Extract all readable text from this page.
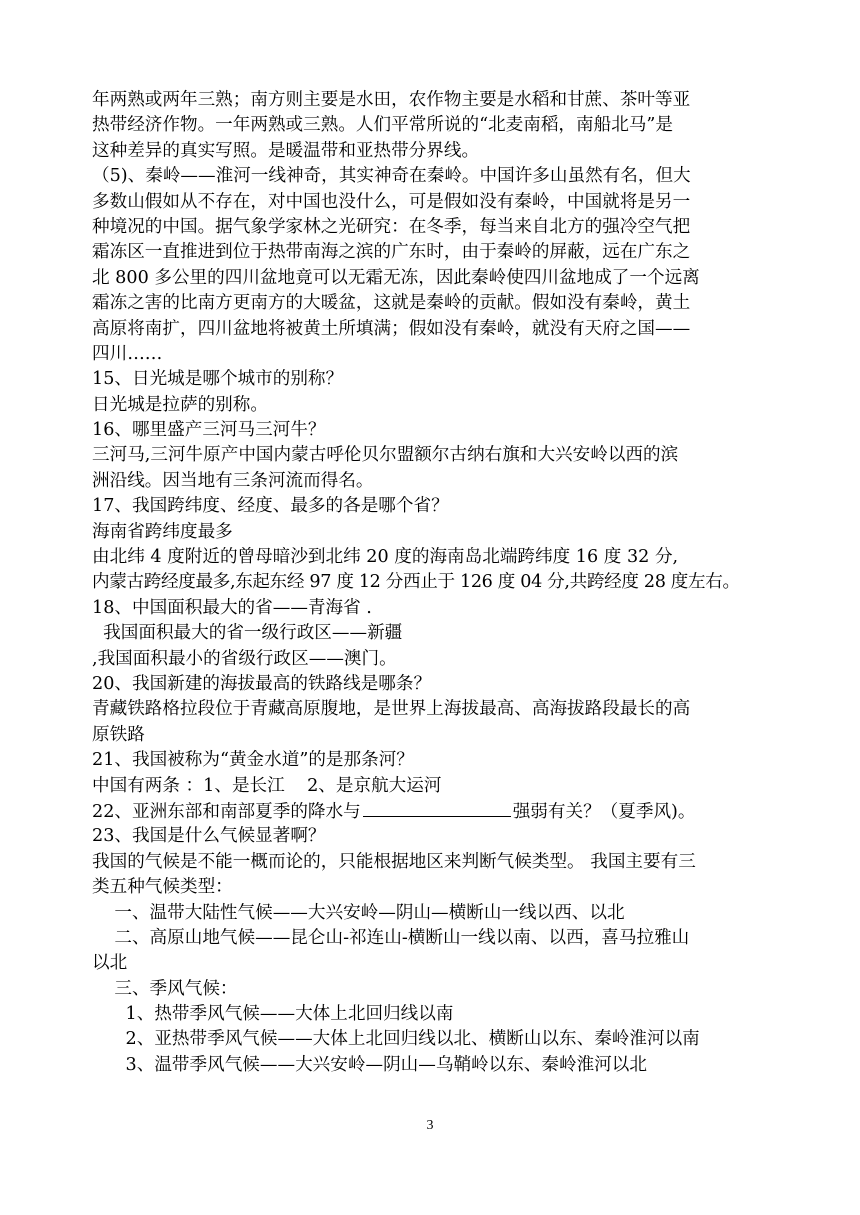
年两熟或两年三熟；南方则主要是水田，农作物主要是水稻和甘蔗、茶叶等亚
热带经济作物。一年两熟或三熟。人们平常所说的“北麦南稻，南船北马”是
这种差异的真实写照。是暖温带和亚热带分界线。
（5)、秦岭——淮河一线神奇，其实神奇在秦岭。中国许多山虽然有名，但大
多数山假如从不存在，对中国也没什么，可是假如没有秦岭，中国就将是另一
种境况的中国。据气象学家林之光研究：在冬季，每当来自北方的强冷空气把
霜冻区一直推进到位于热带南海之滨的广东时，由于秦岭的屏蔽，远在广东之
北 800 多公里的四川盆地竟可以无霜无冻，因此秦岭使四川盆地成了一个远离
霜冻之害的比南方更南方的大暖盆，这就是秦岭的贡献。假如没有秦岭，黄土
高原将南扩，四川盆地将被黄土所填满；假如没有秦岭，就没有天府之国——
四川……
15、日光城是哪个城市的别称？
日光城是拉萨的别称。
16、哪里盛产三河马三河牛？
三河马,三河牛原产中国内蒙古呼伦贝尔盟额尔古纳右旗和大兴安岭以西的滨
洲沿线。因当地有三条河流而得名。
17、我国跨纬度、经度、最多的各是哪个省？
海南省跨纬度最多
由北纬 4 度附近的曾母暗沙到北纬 20 度的海南岛北端跨纬度 16 度 32 分,
内蒙古跨经度最多,东起东经 97 度 12 分西止于 126 度 04 分,共跨经度 28 度左右。
18、中国面积最大的省——青海省 .
我国面积最大的省一级行政区——新疆
,我国面积最小的省级行政区——澳门。
20、我国新建的海拔最高的铁路线是哪条？
青藏铁路格拉段位于青藏高原腹地，是世界上海拔最高、高海拔路段最长的高
原铁路
21、我国被称为“黄金水道”的是那条河？
中国有两条 ：1、是长江    2、是京航大运河
22、亚洲东部和南部夏季的降水与	强弱有关？（夏季风)。
23、我国是什么气候显著啊？
我国的气候是不能一概而论的，只能根据地区来判断气候类型。 我国主要有三
类五种气候类型：
一、温带大陆性气候——大兴安岭—阴山—横断山一线以西、以北
二、高原山地气候——昆仑山-祁连山-横断山一线以南、以西，喜马拉雅山
以北
三、季风气候：
1、热带季风气候——大体上北回归线以南
2、亚热带季风气候——大体上北回归线以北、横断山以东、秦岭淮河以南
3、温带季风气候——大兴安岭—阴山—乌鞘岭以东、秦岭淮河以北
3
